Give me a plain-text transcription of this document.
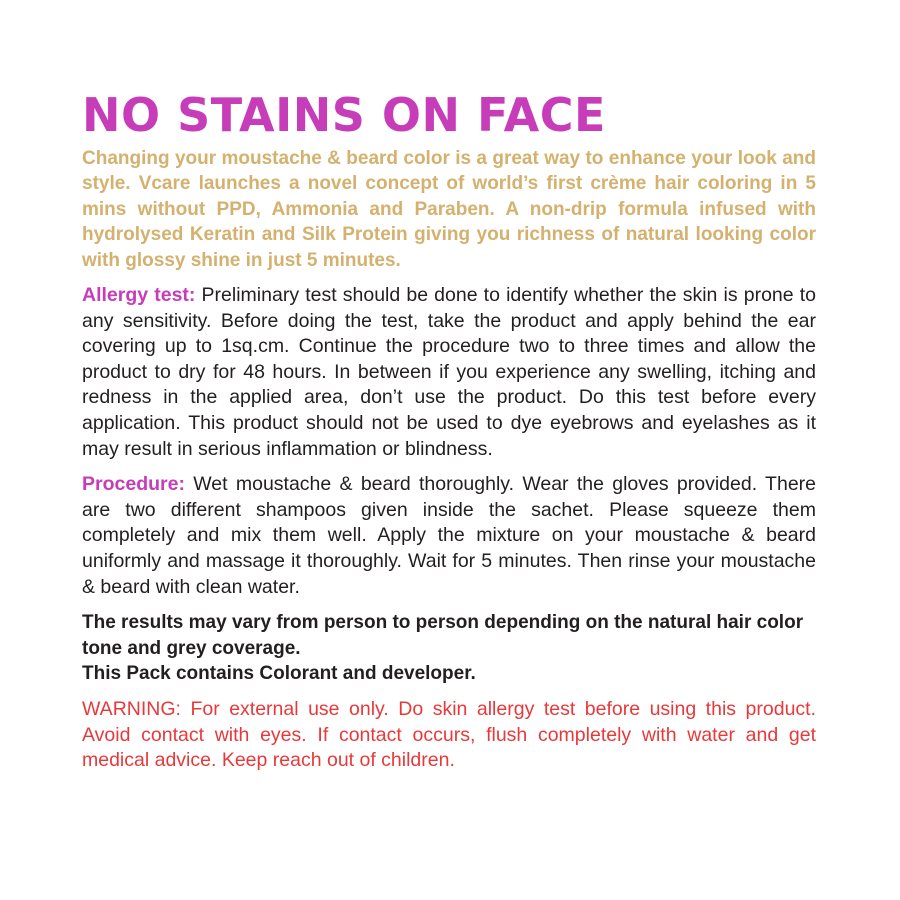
NO STAINS ON FACE

Changing your moustache & beard color is a great way to enhance your look and style. Vcare launches a novel concept of world’s first crème hair coloring in 5 mins without PPD, Ammonia and Paraben. A non-drip formula infused with hydrolysed Keratin and Silk Protein giving you richness of natural looking color with glossy shine in just 5 minutes.

Allergy test: Preliminary test should be done to identify whether the skin is prone to any sensitivity. Before doing the test, take the product and apply behind the ear covering up to 1sq.cm. Continue the procedure two to three times and allow the product to dry for 48 hours. In between if you experience any swelling, itching and redness in the applied area, don’t use the product. Do this test before every application. This product should not be used to dye eyebrows and eyelashes as it may result in serious inflammation or blindness.

Procedure: Wet moustache & beard thoroughly. Wear the gloves provided. There are two different shampoos given inside the sachet. Please squeeze them completely and mix them well. Apply the mixture on your moustache & beard uniformly and massage it thoroughly. Wait for 5 minutes. Then rinse your moustache & beard with clean water.

The results may vary from person to person depending on the natural hair color tone and grey coverage.
This Pack contains Colorant and developer.

WARNING: For external use only. Do skin allergy test before using this product. Avoid contact with eyes. If contact occurs, flush completely with water and get medical advice. Keep reach out of children.
